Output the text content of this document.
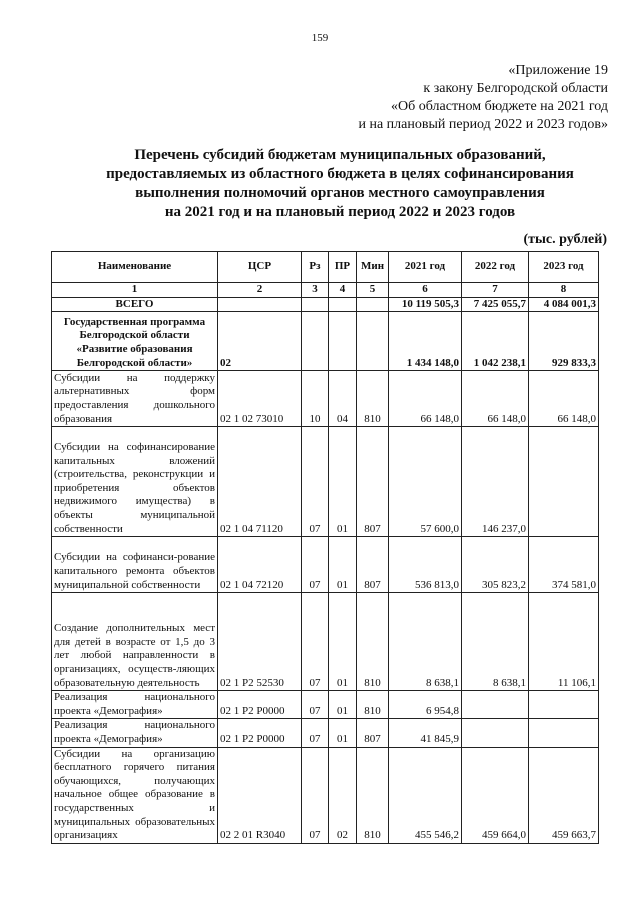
159
«Приложение 19
к закону Белгородской области
«Об областном бюджете на 2021 год
и на плановый период 2022 и 2023 годов»
Перечень субсидий бюджетам муниципальных образований,
предоставляемых из областного бюджета в целях софинансирования
выполнения полномочий органов местного самоуправления
на 2021 год и на плановый период 2022 и 2023 годов
(тыс. рублей)
Наименование	ЦСР	Рз	ПР	Мин	2021 год	2022 год	2023 год
1	2	3	4	5	6	7	8
ВСЕГО					10 119 505,3	7 425 055,7	4 084 001,3
Государственная программа Белгородской области «Развитие образования Белгородской области»	02				1 434 148,0	1 042 238,1	929 833,3
Субсидии на поддержку альтернативных форм предоставления дошкольного образования	02 1 02 73010	10	04	810	66 148,0	66 148,0	66 148,0
Субсидии на софинансирование капитальных вложений (строительства, реконструкции и приобретения объектов недвижимого имущества) в объекты муниципальной собственности	02 1 04 71120	07	01	807	57 600,0	146 237,0	
Субсидии на софинанси-рование капитального ремонта объектов муниципальной собственности	02 1 04 72120	07	01	807	536 813,0	305 823,2	374 581,0
Создание дополнительных мест для детей в возрасте от 1,5 до 3 лет любой направленности в организациях, осуществ-ляющих образовательную деятельность	02 1 P2 52530	07	01	810	8 638,1	8 638,1	11 106,1
Реализация национального проекта «Демография»	02 1 P2 P0000	07	01	810	6 954,8		
Реализация национального проекта «Демография»	02 1 P2 P0000	07	01	807	41 845,9		
Субсидии на организацию бесплатного горячего питания обучающихся, получающих начальное общее образование в государственных и муниципальных образовательных организациях	02 2 01 R3040	07	02	810	455 546,2	459 664,0	459 663,7
